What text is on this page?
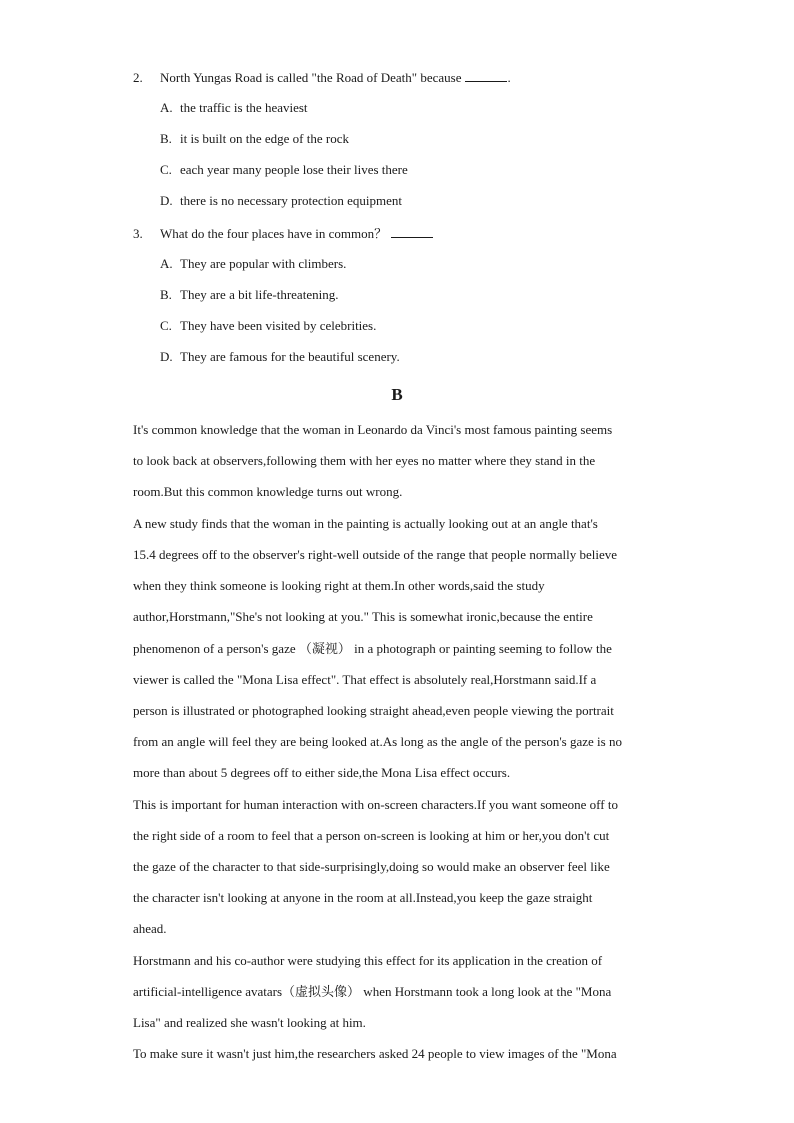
2. North Yungas Road is called "the Road of Death" because	.
A. the traffic is the heaviest
B. it is built on the edge of the rock
C. each year many people lose their lives there
D. there is no necessary protection equipment
3. What do the four places have in common？
A. They are popular with climbers.
B. They are a bit life-threatening.
C. They have been visited by celebrities.
D. They are famous for the beautiful scenery.
B
It's common knowledge that the woman in Leonardo da Vinci's most famous painting seems
to look back at observers,following them with her eyes no matter where they stand in the
room.But this common knowledge turns out wrong.
A new study finds that the woman in the painting is actually looking out at an angle that's
15.4 degrees off to the observer's right-well outside of the range that people normally believe
when they think someone is looking right at them.In other words,said the study
author,Horstmann,"She's not looking at you." This is somewhat ironic,because the entire
phenomenon of a person's gaze （凝视） in a photograph or painting seeming to follow the
viewer is called the "Mona Lisa effect". That effect is absolutely real,Horstmann said.If a
person is illustrated or photographed looking straight ahead,even people viewing the portrait
from an angle will feel they are being looked at.As long as the angle of the person's gaze is no
more than about 5 degrees off to either side,the Mona Lisa effect occurs.
This is important for human interaction with on-screen characters.If you want someone off to
the right side of a room to feel that a person on-screen is looking at him or her,you don't cut
the gaze of the character to that side-surprisingly,doing so would make an observer feel like
the character isn't looking at anyone in the room at all.Instead,you keep the gaze straight
ahead.
Horstmann and his co-author were studying this effect for its application in the creation of
artificial-intelligence avatars（虚拟头像） when Horstmann took a long look at the "Mona
Lisa" and realized she wasn't looking at him.
To make sure it wasn't just him,the researchers asked 24 people to view images of the "Mona
